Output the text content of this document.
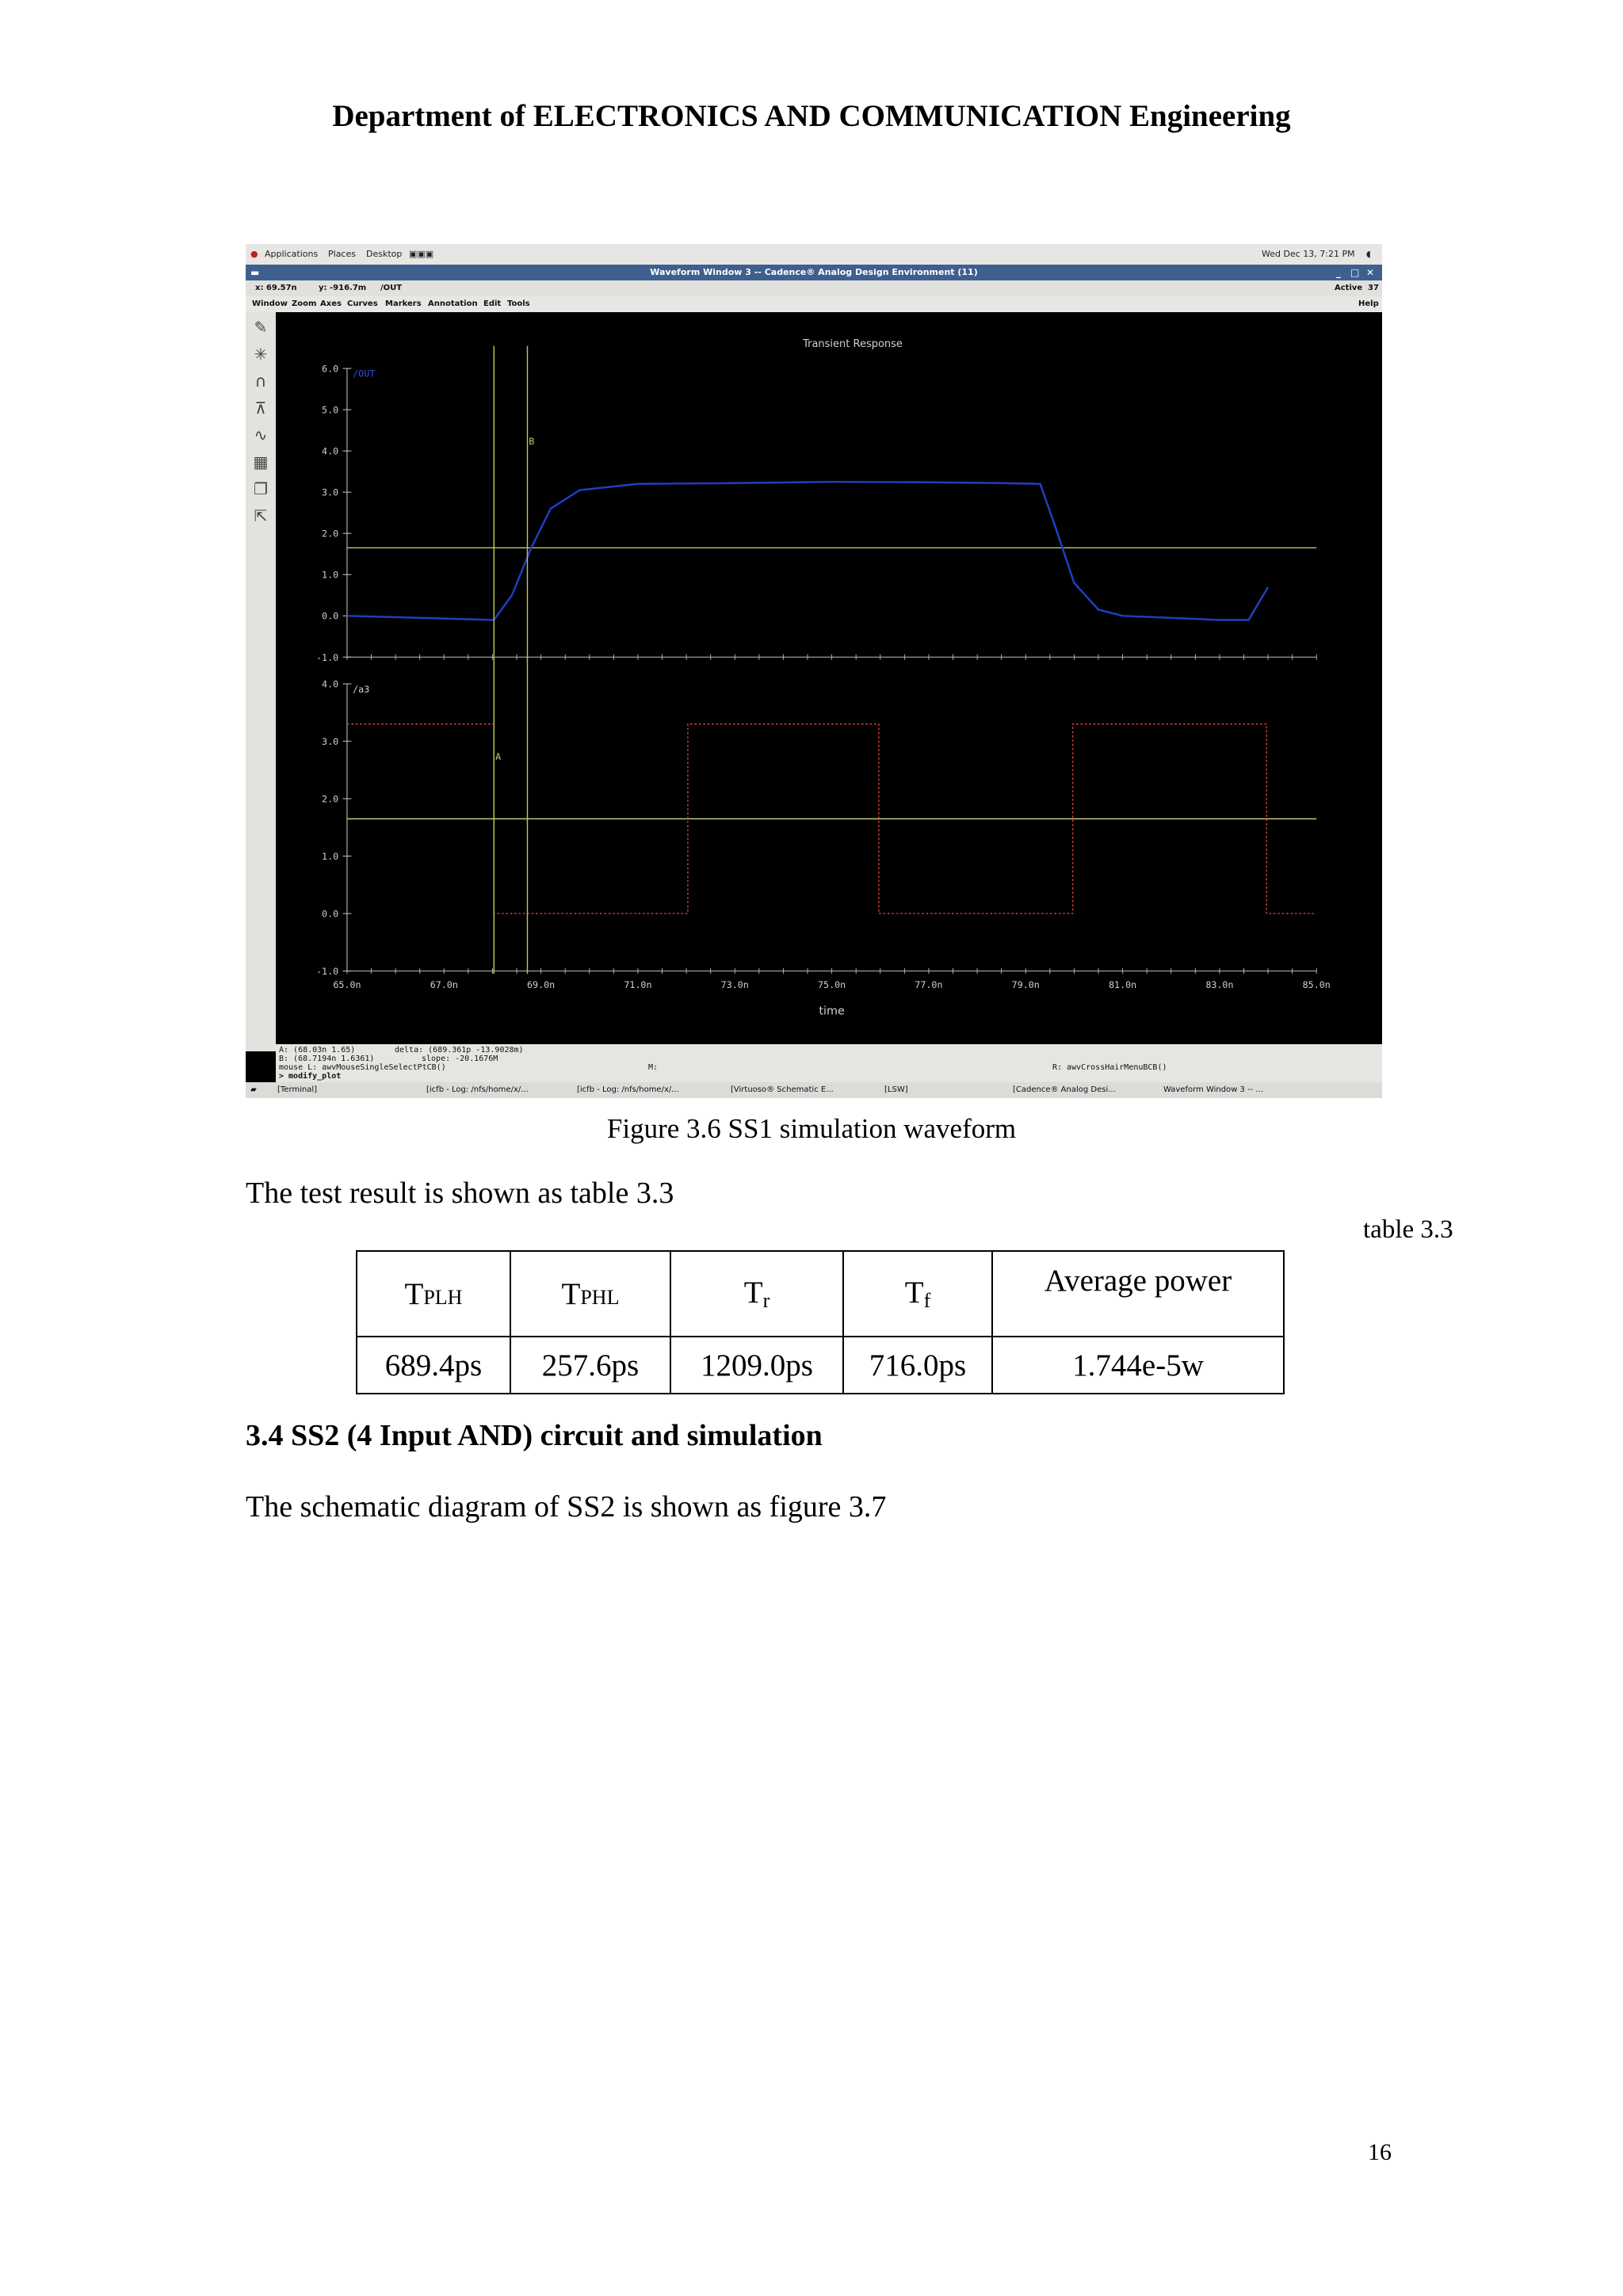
Department of ELECTRONICS AND COMMUNICATION Engineering
● Applications Places Desktop ▣▣▣	Wed Dec 13, 7:21 PM ◖
▬	Waveform Window 3 -- Cadence® Analog Design Environment (11)	_ □ ✕
x: 69.57n	y: -916.7m /OUT	Active 37
Window Zoom Axes Curves Markers Annotation Edit Tools	Help
✎
✳
∩
⊼
∿
▦
❐
⇱
Transient Response
6.0
5.0
4.0
3.0
2.0
1.0
0.0
-1.0
/OUT
4.0
3.0
2.0
1.0
0.0
-1.0
/a3
65.0n	67.0n	69.0n	71.0n	73.0n	75.0n	77.0n	79.0n	81.0n	83.0n	85.0n
A
B
time
A: (68.03n 1.65)
B: (68.7194n 1.6361)
delta: (689.361p -13.9028m)
slope: -20.1676M
mouse L: awvMouseSingleSelectPtCB()	M:	R: awvCrossHairMenuBCB()
> modify_plot
▰	[Terminal]	[icfb - Log: /nfs/home/x/...	[icfb - Log: /nfs/home/x/...	[Virtuoso® Schematic E...	[LSW]	[Cadence® Analog Desi...	Waveform Window 3 -- ...
Figure 3.6 SS1 simulation waveform
The test result is shown as table 3.3
table 3.3
TPLH	TPHL	Tr	Tf	Average power
689.4ps	257.6ps	1209.0ps	716.0ps	1.744e-5w
3.4 SS2 (4 Input AND) circuit and simulation
The schematic diagram of SS2 is shown as figure 3.7
16
